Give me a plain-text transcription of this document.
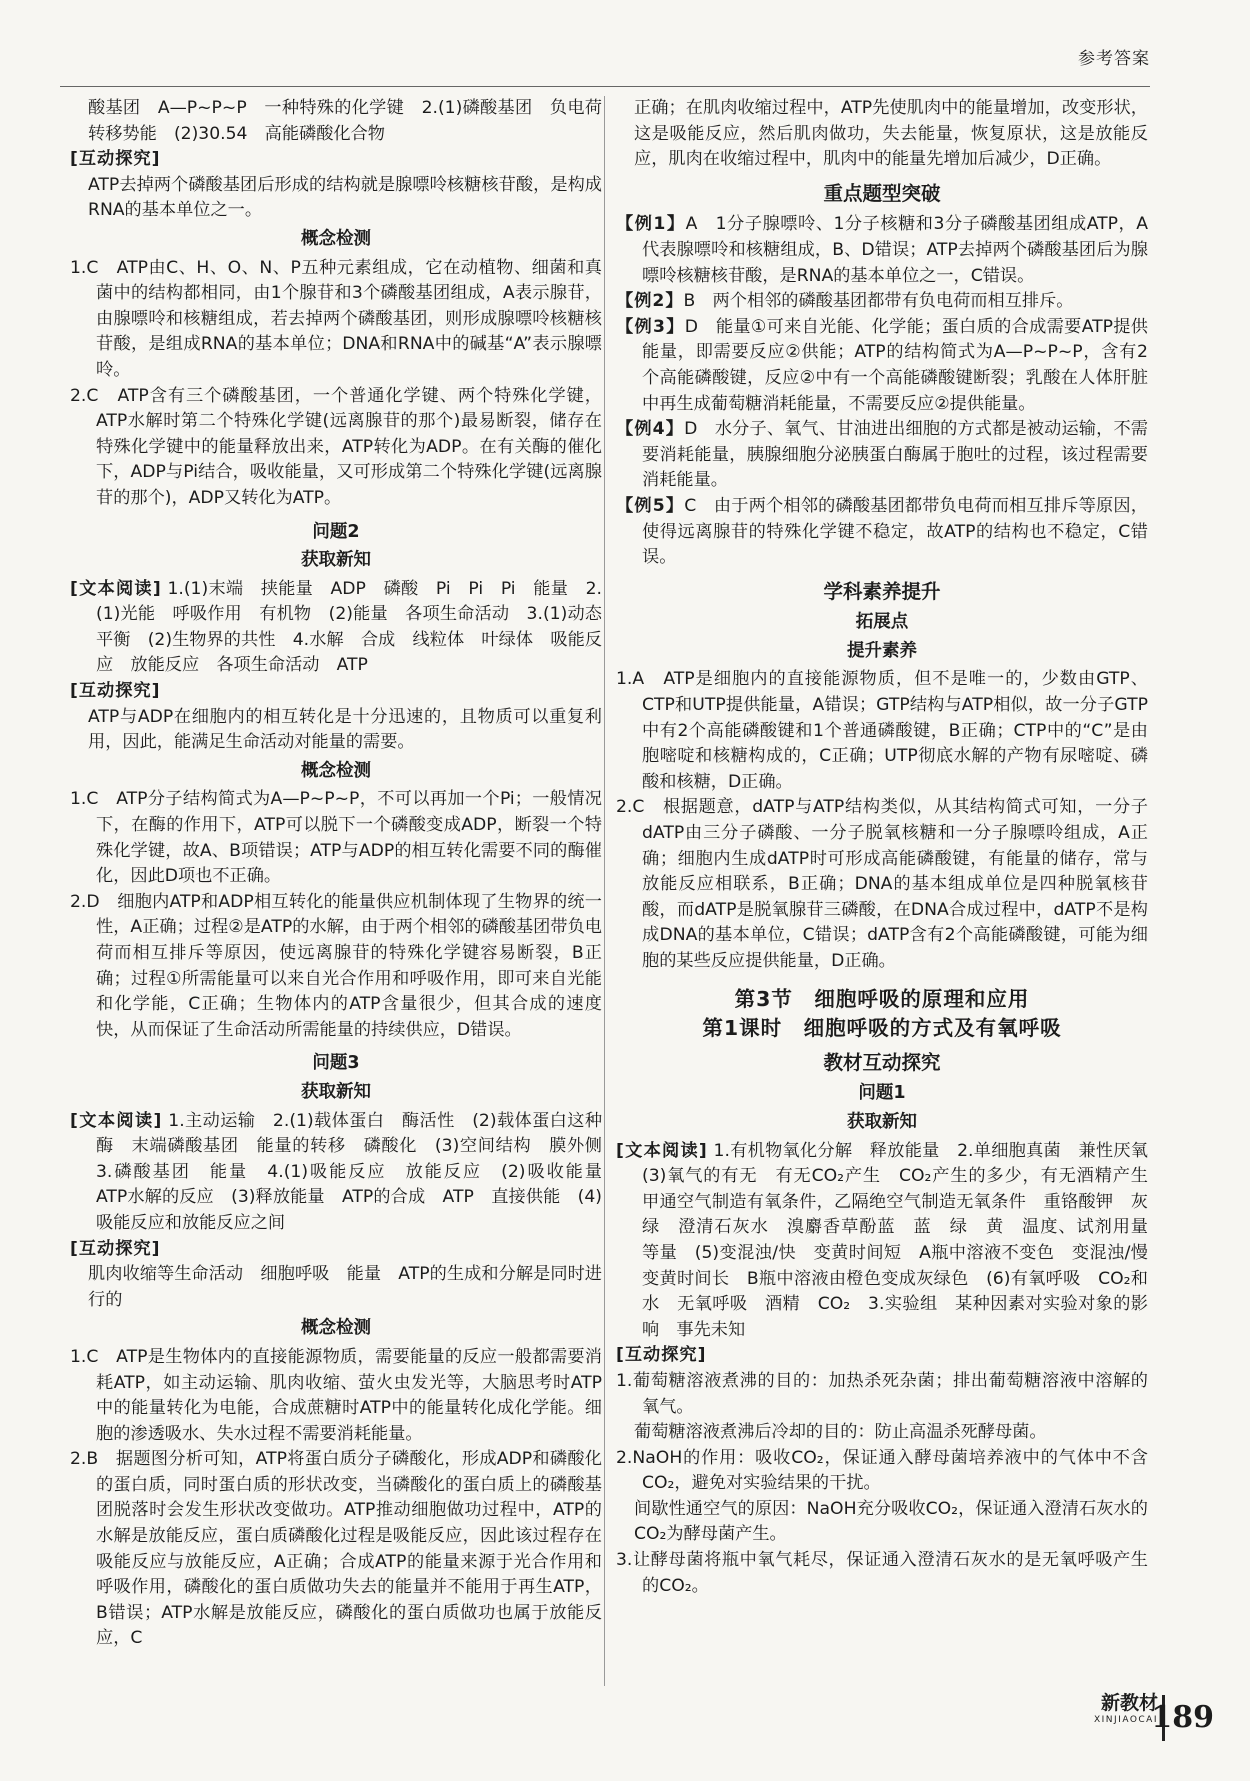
参考答案

酸基团　A—P~P~P　一种特殊的化学键　2.(1)磷酸基团　负电荷　转移势能　(2)30.54　高能磷酸化合物

[互动探究]

ATP去掉两个磷酸基团后形成的结构就是腺嘌呤核糖核苷酸，是构成RNA的基本单位之一。

概念检测

1.C　ATP由C、H、O、N、P五种元素组成，它在动植物、细菌和真菌中的结构都相同，由1个腺苷和3个磷酸基团组成，A表示腺苷，由腺嘌呤和核糖组成，若去掉两个磷酸基团，则形成腺嘌呤核糖核苷酸，是组成RNA的基本单位；DNA和RNA中的碱基“A”表示腺嘌呤。

2.C　ATP含有三个磷酸基团，一个普通化学键、两个特殊化学键，ATP水解时第二个特殊化学键(远离腺苷的那个)最易断裂，储存在特殊化学键中的能量释放出来，ATP转化为ADP。在有关酶的催化下，ADP与Pi结合，吸收能量，又可形成第二个特殊化学键(远离腺苷的那个)，ADP又转化为ATP。

问题2
获取新知

[文本阅读] 1.(1)末端　挟能量　ADP　磷酸　Pi　Pi　Pi　能量　2.(1)光能　呼吸作用　有机物　(2)能量　各项生命活动　3.(1)动态平衡　(2)生物界的共性　4.水解　合成　线粒体　叶绿体　吸能反应　放能反应　各项生命活动　ATP

[互动探究]

ATP与ADP在细胞内的相互转化是十分迅速的，且物质可以重复利用，因此，能满足生命活动对能量的需要。

概念检测

1.C　ATP分子结构简式为A—P~P~P，不可以再加一个Pi；一般情况下，在酶的作用下，ATP可以脱下一个磷酸变成ADP，断裂一个特殊化学键，故A、B项错误；ATP与ADP的相互转化需要不同的酶催化，因此D项也不正确。

2.D　细胞内ATP和ADP相互转化的能量供应机制体现了生物界的统一性，A正确；过程②是ATP的水解，由于两个相邻的磷酸基团带负电荷而相互排斥等原因，使远离腺苷的特殊化学键容易断裂，B正确；过程①所需能量可以来自光合作用和呼吸作用，即可来自光能和化学能，C正确；生物体内的ATP含量很少，但其合成的速度快，从而保证了生命活动所需能量的持续供应，D错误。

问题3
获取新知

[文本阅读] 1.主动运输　2.(1)载体蛋白　酶活性　(2)载体蛋白这种酶　末端磷酸基团　能量的转移　磷酸化　(3)空间结构　膜外侧　3.磷酸基团　能量　4.(1)吸能反应　放能反应　(2)吸收能量　ATP水解的反应　(3)释放能量　ATP的合成　ATP　直接供能　(4)吸能反应和放能反应之间

[互动探究]

肌肉收缩等生命活动　细胞呼吸　能量　ATP的生成和分解是同时进行的

概念检测

1.C　ATP是生物体内的直接能源物质，需要能量的反应一般都需要消耗ATP，如主动运输、肌肉收缩、萤火虫发光等，大脑思考时ATP中的能量转化为电能，合成蔗糖时ATP中的能量转化成化学能。细胞的渗透吸水、失水过程不需要消耗能量。

2.B　据题图分析可知，ATP将蛋白质分子磷酸化，形成ADP和磷酸化的蛋白质，同时蛋白质的形状改变，当磷酸化的蛋白质上的磷酸基团脱落时会发生形状改变做功。ATP推动细胞做功过程中，ATP的水解是放能反应，蛋白质磷酸化过程是吸能反应，因此该过程存在吸能反应与放能反应，A正确；合成ATP的能量来源于光合作用和呼吸作用，磷酸化的蛋白质做功失去的能量并不能用于再生ATP，B错误；ATP水解是放能反应，磷酸化的蛋白质做功也属于放能反应，C

正确；在肌肉收缩过程中，ATP先使肌肉中的能量增加，改变形状，这是吸能反应，然后肌肉做功，失去能量，恢复原状，这是放能反应，肌肉在收缩过程中，肌肉中的能量先增加后减少，D正确。

重点题型突破

【例1】A　1分子腺嘌呤、1分子核糖和3分子磷酸基团组成ATP，A代表腺嘌呤和核糖组成，B、D错误；ATP去掉两个磷酸基团后为腺嘌呤核糖核苷酸，是RNA的基本单位之一，C错误。

【例2】B　两个相邻的磷酸基团都带有负电荷而相互排斥。

【例3】D　能量①可来自光能、化学能；蛋白质的合成需要ATP提供能量，即需要反应②供能；ATP的结构简式为A—P~P~P，含有2个高能磷酸键，反应②中有一个高能磷酸键断裂；乳酸在人体肝脏中再生成葡萄糖消耗能量，不需要反应②提供能量。

【例4】D　水分子、氧气、甘油进出细胞的方式都是被动运输，不需要消耗能量，胰腺细胞分泌胰蛋白酶属于胞吐的过程，该过程需要消耗能量。

【例5】C　由于两个相邻的磷酸基团都带负电荷而相互排斥等原因，使得远离腺苷的特殊化学键不稳定，故ATP的结构也不稳定，C错误。

学科素养提升
拓展点
提升素养

1.A　ATP是细胞内的直接能源物质，但不是唯一的，少数由GTP、CTP和UTP提供能量，A错误；GTP结构与ATP相似，故一分子GTP中有2个高能磷酸键和1个普通磷酸键，B正确；CTP中的“C”是由胞嘧啶和核糖构成的，C正确；UTP彻底水解的产物有尿嘧啶、磷酸和核糖，D正确。

2.C　根据题意，dATP与ATP结构类似，从其结构简式可知，一分子dATP由三分子磷酸、一分子脱氧核糖和一分子腺嘌呤组成，A正确；细胞内生成dATP时可形成高能磷酸键，有能量的储存，常与放能反应相联系，B正确；DNA的基本组成单位是四种脱氧核苷酸，而dATP是脱氧腺苷三磷酸，在DNA合成过程中，dATP不是构成DNA的基本单位，C错误；dATP含有2个高能磷酸键，可能为细胞的某些反应提供能量，D正确。

第3节　细胞呼吸的原理和应用
第1课时　细胞呼吸的方式及有氧呼吸
教材互动探究
问题1
获取新知

[文本阅读] 1.有机物氧化分解　释放能量　2.单细胞真菌　兼性厌氧　(3)氧气的有无　有无CO₂产生　CO₂产生的多少，有无酒精产生　甲通空气制造有氧条件，乙隔绝空气制造无氧条件　重铬酸钾　灰绿　澄清石灰水　溴麝香草酚蓝　蓝　绿　黄　温度、试剂用量　等量　(5)变混浊/快　变黄时间短　A瓶中溶液不变色　变混浊/慢　变黄时间长　B瓶中溶液由橙色变成灰绿色　(6)有氧呼吸　CO₂和水　无氧呼吸　酒精　CO₂　3.实验组　某种因素对实验对象的影响　事先未知

[互动探究]

1.葡萄糖溶液煮沸的目的：加热杀死杂菌；排出葡萄糖溶液中溶解的氧气。

葡萄糖溶液煮沸后冷却的目的：防止高温杀死酵母菌。

2.NaOH的作用：吸收CO₂，保证通入酵母菌培养液中的气体中不含CO₂，避免对实验结果的干扰。

间歇性通空气的原因：NaOH充分吸收CO₂，保证通入澄清石灰水的CO₂为酵母菌产生。

3.让酵母菌将瓶中氧气耗尽，保证通入澄清石灰水的是无氧呼吸产生的CO₂。

新教材
XINJIAOCAI
189
